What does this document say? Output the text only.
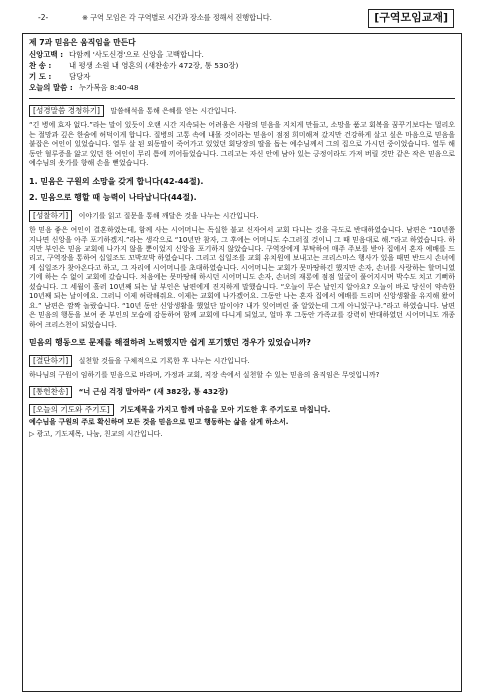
-2-	※ 구역 모임은 각 구역별로 시간과 장소를 정해서 진행합니다.	[구역모임교재]
제 7과 믿음은 움직임을 만든다
신앙고백 : 다함께 '사도신경'으로 신앙을 고백합니다.
찬 송 :	내 평생 소원 내 영혼의 (새찬송가 472장, 통 530장)
기 도 :	담당자
오늘의 말씀 : 누가복음 8:40-48
[성경말씀 경청하기] 말씀해석을 통해 은혜를 얻는 시간입니다.
“긴 병에 효자 없다.”라는 말이 있듯이 오랜 시간 지속되는 어려움은 사람의 믿음을 지치게 만들고, 소망을 품고 회복을 꿈꾸기보다는 멀리오는 절망과 깊은 한숨에 허덕이게 합니다. 질병의 고통 속에 내몰 것이라는 믿음이 점점 희미해져 갔지만 건강하게 살고 싶은 마음으로 믿음을 붙잡은 여인이 있었습니다. 열두 살 된 외동딸이 죽어가고 있었던 회당장의 딸을 돕는 예수님께서 그의 집으로 가시던 중이었습니다. 열두 해 동안 혈루증을 앓고 있던 한 여인이 무리 틈에 끼어들었습니다. 그리고는 자신 안에 남아 있는 긍정이라도 가져 버릴 것만 같은 작은 믿음으로 예수님의 옷가를 향해 손을 뻗었습니다.
1. 믿음은 구원의 소망을 갖게 합니다(42-44절).
2. 믿음으로 행할 때 능력이 나타납니다(44절).
[성찰하기] 이야기를 읽고 질문을 통해 깨달은 것을 나누는 시간입니다.
한 믿음 좋은 여인이 결혼하였는데, 함께 사는 시어머니는 독실한 불교 신자여서 교회 다니는 것을 극도로 반대하였습니다. 남편은 “10년쯤 지나면 신앙을 아주 포기하겠지.”라는 생각으로 “10년만 참자, 그 후에는 어머니도 수그러질 것이니 그 때 믿음대로 해.”라고 하였습니다. 하지만 부인은 믿음 교회에 나가지 않을 뿐이었지 신앙을 포기하지 않았습니다. 구역장에게 부탁하여 매주 주보를 받아 집에서 혼자 예배를 드리고, 구역장을 통하여 십일조도 꼬박꼬박 하였습니다. 그리고 십일조를 교회 유치원에 보내고는 크리스마스 행사가 있을 때면 반드시 손녀에게 십일조가 찾아온다고 하고, 그 자리에 시어머니를 초대하였습니다. 시어머니는 교회가 못마땅하긴 했지만 손자, 손녀를 사랑하는 할머니였기에 하는 수 없이 교회에 갔습니다. 처음에는 못마땅해 하시던 시어머니도 손자, 손녀의 재롱에 점점 얼굴이 풀어지시며 박수도 치고 기뻐하셨습니다. 그 세월이 흘러 10년째 되는 날 부인은 남편에게 진지하게 말했습니다. “오늘이 무슨 날인지 알아요? 오늘이 바로 당신이 약속한 10년째 되는 날이에요. 그러니 이제 허락해줘요. 이제는 교회에 나가겠어요. 그동안 나는 혼자 집에서 예배를 드리며 신앙생활을 유지해 왔어요.” 남편은 깜짝 놀랐습니다. “10년 동안 신앙생활을 했었단 말이야? 내가 잊어버린 줄 알았는데 그게 아니었구나.”라고 하였습니다. 남편은 믿음의 행동을 보여 준 부인의 모습에 감동하여 함께 교회에 다니게 되었고, 얼마 후 그동안 가족교를 강력히 반대하였던 시어머니도 개종하여 크리스천이 되었습니다.
믿음의 행동으로 문제를 해결하려 노력했지만 쉽게 포기했던 경우가 있었습니까?
[결단하기] 실천할 것들을 구체적으로 기록한 후 나누는 시간입니다.
하나님의 구원이 임하기를 믿음으로 바라며, 가정과 교회, 직장 속에서 실천할 수 있는 믿음의 움직임은 무엇입니까?
[통헌찬송] “너 근심 걱정 말아라” (새 382장, 통 432장)
[오늘의 기도와 주기도] 기도제목을 가지고 함께 마음을 모아 기도한 후 주기도로 마칩니다.
예수님을 구원의 주로 확신하며 모든 것을 믿음으로 믿고 행동하는 삶을 살게 하소서.
▷ 광고, 기도제목, 나눔, 친교의 시간입니다.
